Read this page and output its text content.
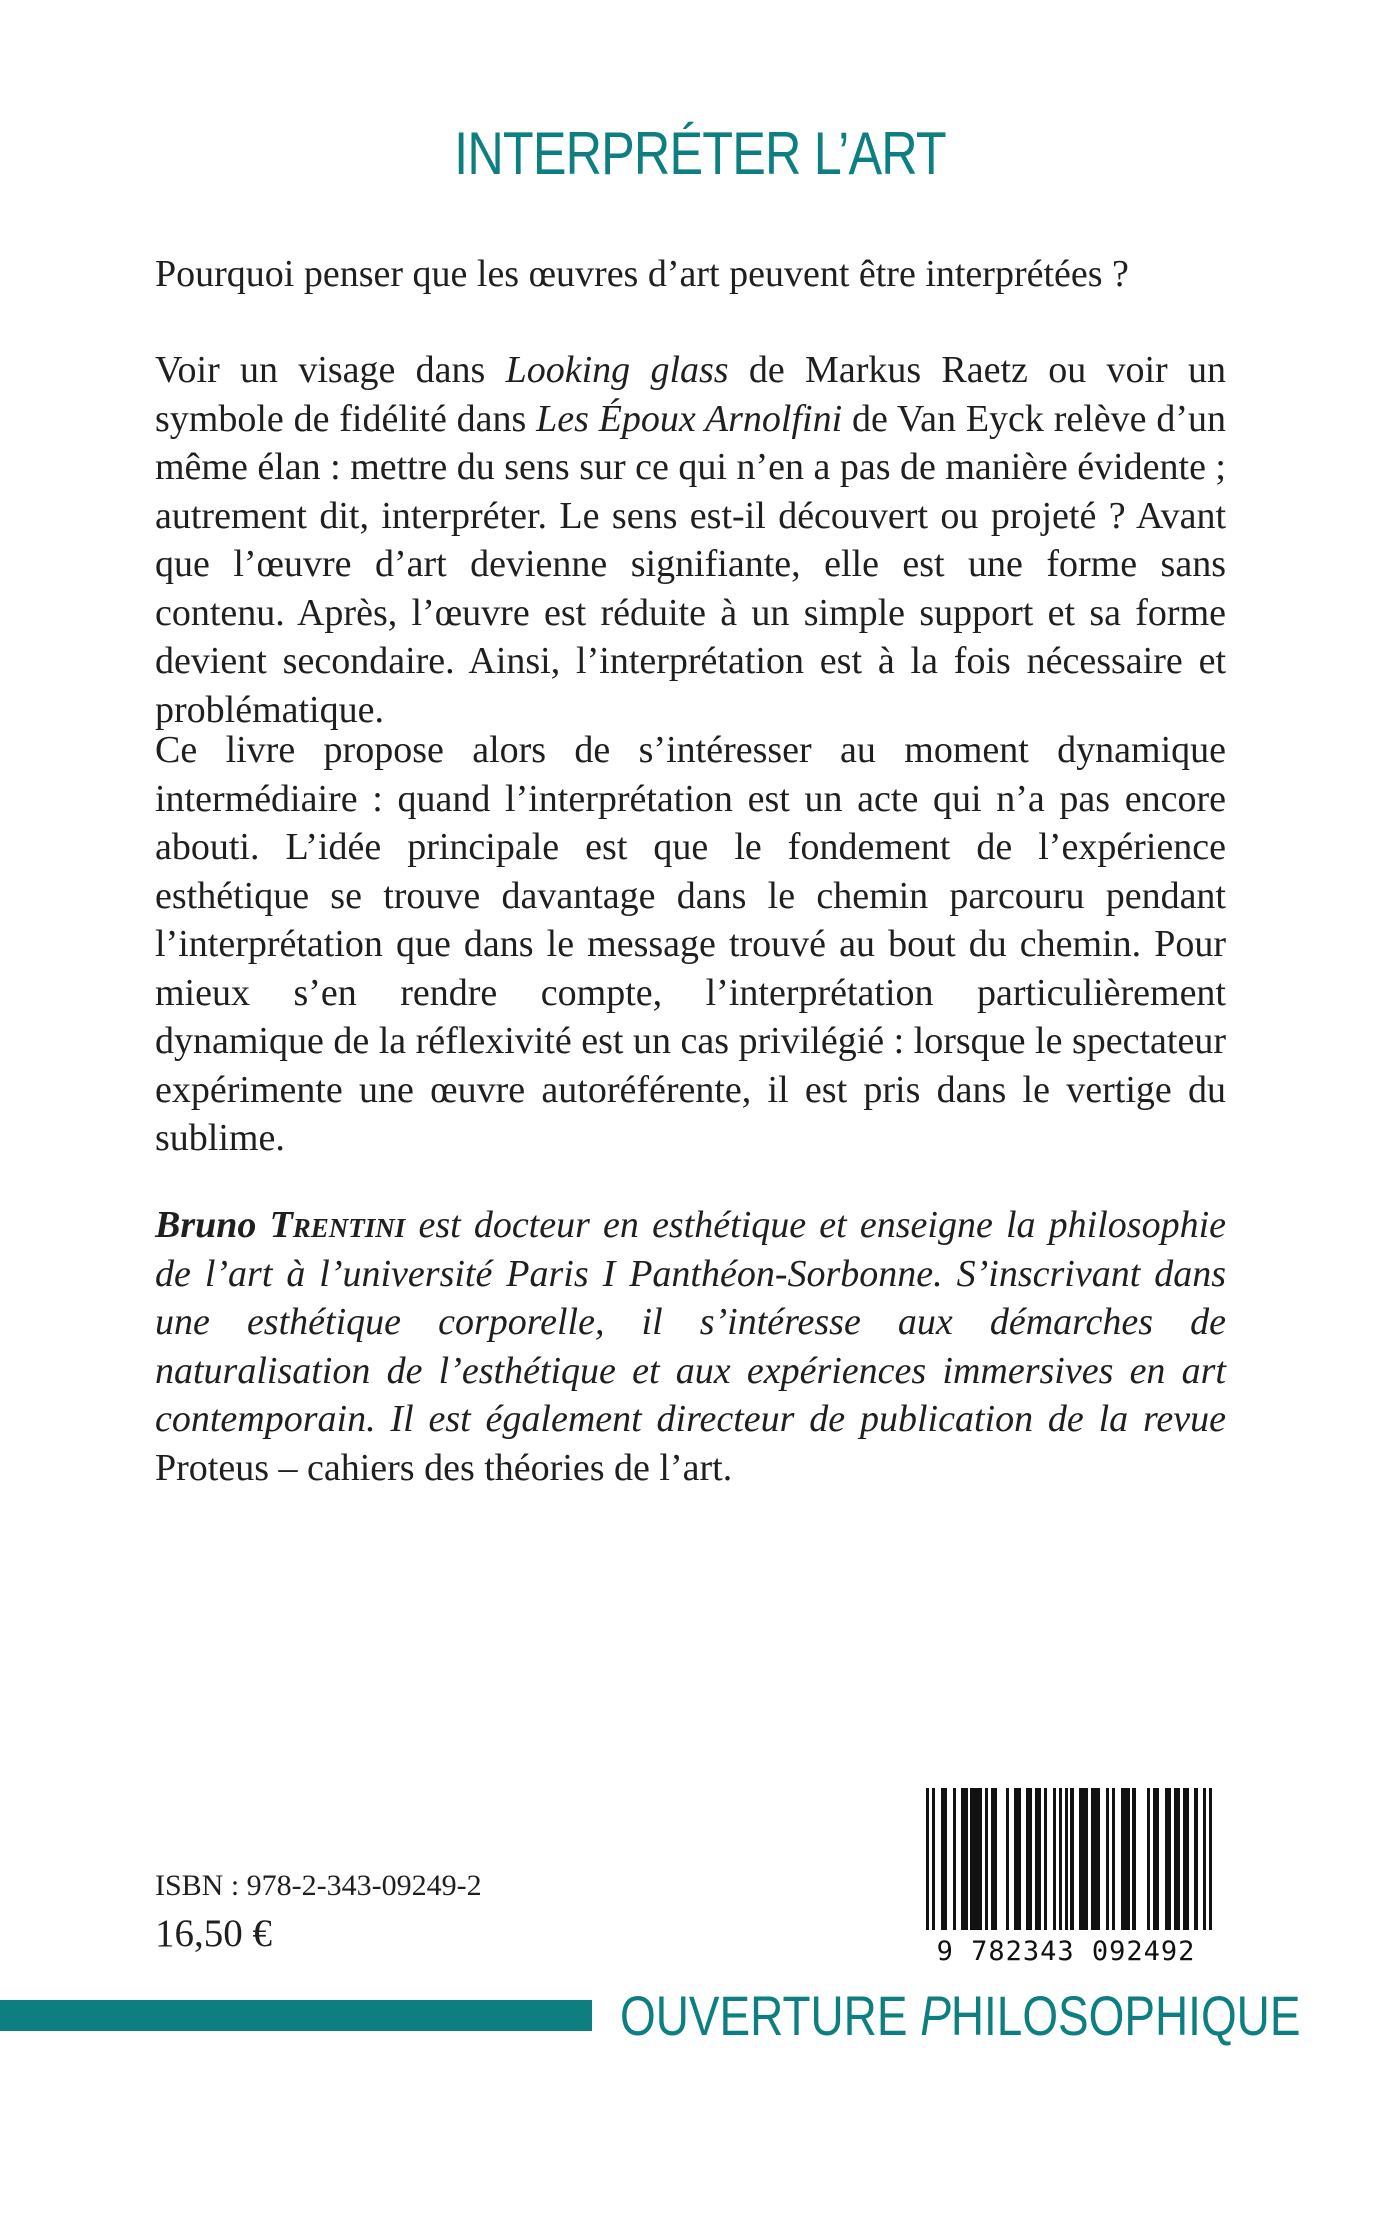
INTERPRÉTER L’ART

Pourquoi penser que les œuvres d’art peuvent être interprétées ?

Voir un visage dans Looking glass de Markus Raetz ou voir un symbole de fidélité dans Les Époux Arnolfini de Van Eyck relève d’un même élan : mettre du sens sur ce qui n’en a pas de manière évidente ; autrement dit, interpréter. Le sens est-il découvert ou projeté ? Avant que l’œuvre d’art devienne signifiante, elle est une forme sans contenu. Après, l’œuvre est réduite à un simple support et sa forme devient secondaire. Ainsi, l’interprétation est à la fois nécessaire et problématique.

Ce livre propose alors de s’intéresser au moment dynamique intermédiaire : quand l’interprétation est un acte qui n’a pas encore abouti. L’idée principale est que le fondement de l’expérience esthétique se trouve davantage dans le chemin parcouru pendant l’interprétation que dans le message trouvé au bout du chemin. Pour mieux s’en rendre compte, l’interprétation particulièrement dynamique de la réflexivité est un cas privilégié : lorsque le spectateur expérimente une œuvre autoréférente, il est pris dans le vertige du sublime.

Bruno Trentini est docteur en esthétique et enseigne la philosophie de l’art à l’université Paris I Panthéon-Sorbonne. S’inscrivant dans une esthétique corporelle, il s’intéresse aux démarches de naturalisation de l’esthétique et aux expériences immersives en art contemporain. Il est également directeur de publication de la revue Proteus – cahiers des théories de l’art.

ISBN : 978-2-343-09249-2
16,50 €	9 782343 092492
OUVERTURE PHILOSOPHIQUE
